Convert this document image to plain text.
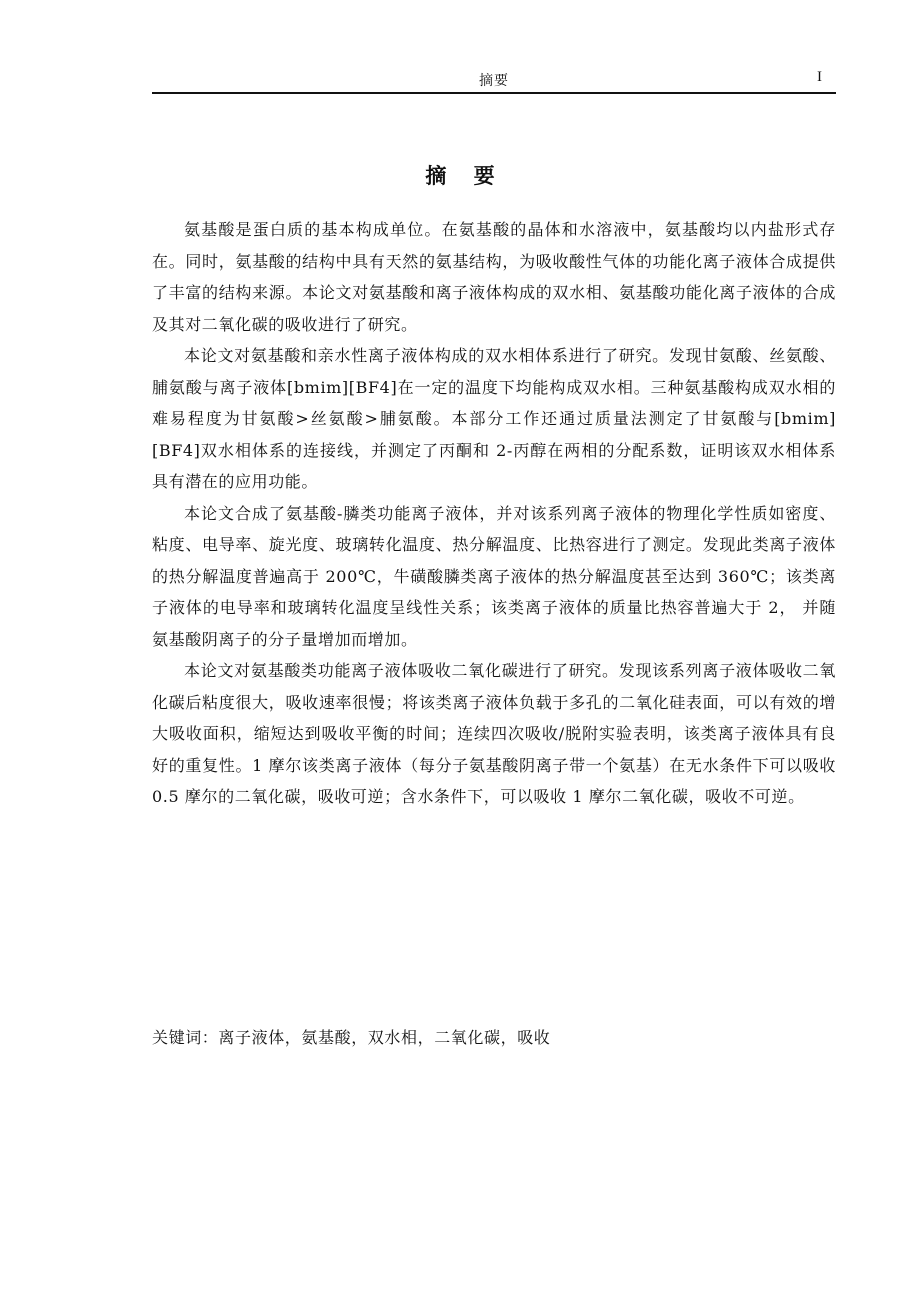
摘要	I
摘 要

氨基酸是蛋白质的基本构成单位。在氨基酸的晶体和水溶液中，氨基酸均以内盐形式存在。同时，氨基酸的结构中具有天然的氨基结构，为吸收酸性气体的功能化离子液体合成提供了丰富的结构来源。本论文对氨基酸和离子液体构成的双水相、氨基酸功能化离子液体的合成及其对二氧化碳的吸收进行了研究。

本论文对氨基酸和亲水性离子液体构成的双水相体系进行了研究。发现甘氨酸、丝氨酸、脯氨酸与离子液体[bmim][BF4]在一定的温度下均能构成双水相。三种氨基酸构成双水相的难易程度为甘氨酸>丝氨酸>脯氨酸。本部分工作还通过质量法测定了甘氨酸与[bmim][BF4]双水相体系的连接线，并测定了丙酮和 2-丙醇在两相的分配系数，证明该双水相体系具有潜在的应用功能。

本论文合成了氨基酸-膦类功能离子液体，并对该系列离子液体的物理化学性质如密度、粘度、电导率、旋光度、玻璃转化温度、热分解温度、比热容进行了测定。发现此类离子液体的热分解温度普遍高于 200℃，牛磺酸膦类离子液体的热分解温度甚至达到 360℃；该类离子液体的电导率和玻璃转化温度呈线性关系；该类离子液体的质量比热容普遍大于 2， 并随氨基酸阴离子的分子量增加而增加。

本论文对氨基酸类功能离子液体吸收二氧化碳进行了研究。发现该系列离子液体吸收二氧化碳后粘度很大，吸收速率很慢；将该类离子液体负载于多孔的二氧化硅表面，可以有效的增大吸收面积，缩短达到吸收平衡的时间；连续四次吸收/脱附实验表明，该类离子液体具有良好的重复性。1 摩尔该类离子液体（每分子氨基酸阴离子带一个氨基）在无水条件下可以吸收 0.5 摩尔的二氧化碳，吸收可逆；含水条件下，可以吸收 1 摩尔二氧化碳，吸收不可逆。

关键词：离子液体，氨基酸，双水相，二氧化碳，吸收
